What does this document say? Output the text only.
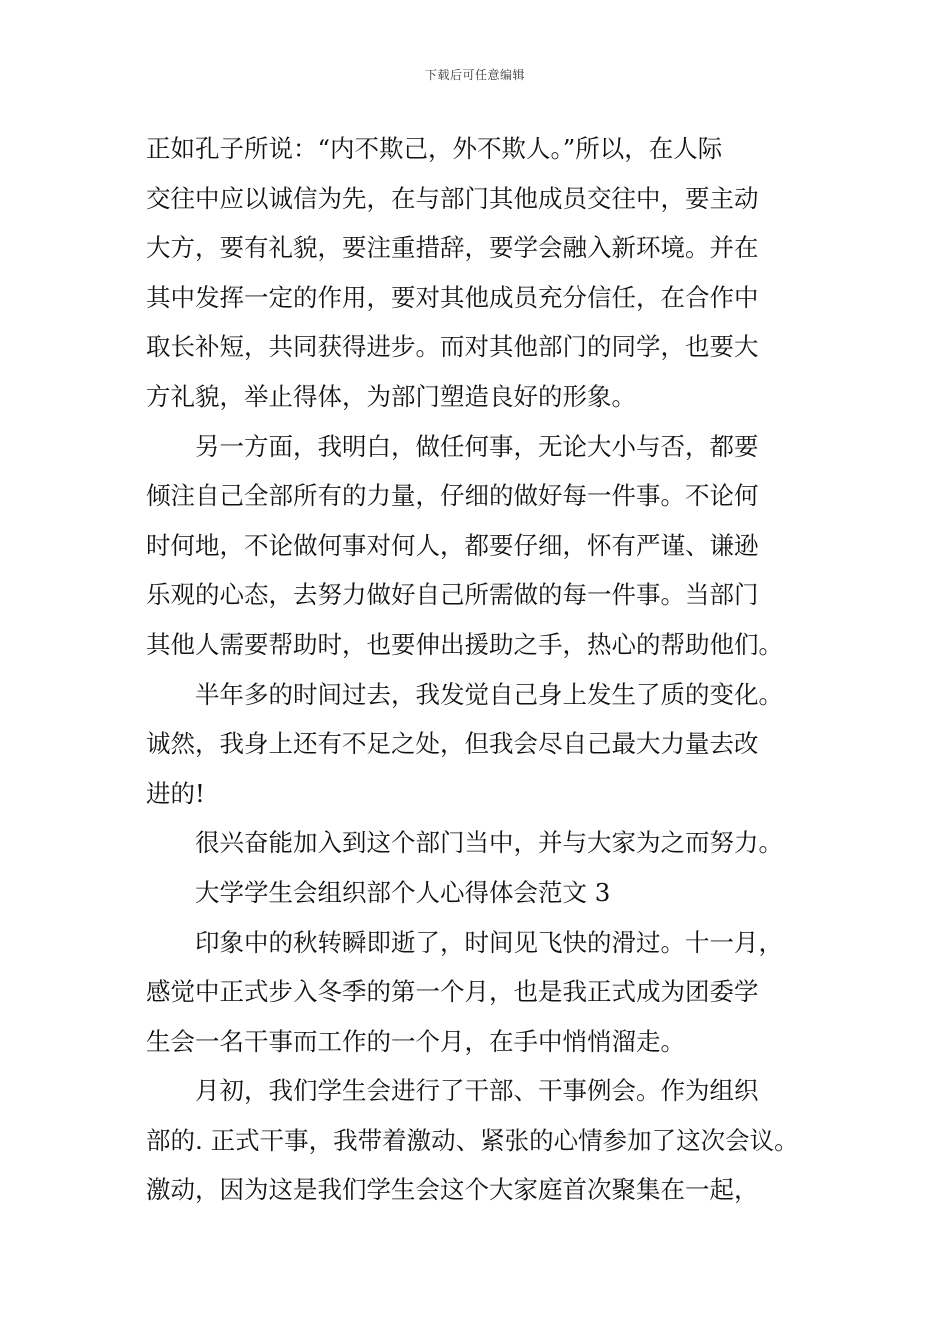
下载后可任意编辑
正如孔子所说：“内不欺己，外不欺人。”所以，在人际
交往中应以诚信为先，在与部门其他成员交往中，要主动
大方，要有礼貌，要注重措辞，要学会融入新环境。并在
其中发挥一定的作用，要对其他成员充分信任，在合作中
取长补短，共同获得进步。而对其他部门的同学，也要大
方礼貌，举止得体，为部门塑造良好的形象。
另一方面，我明白，做任何事，无论大小与否，都要
倾注自己全部所有的力量，仔细的做好每一件事。不论何
时何地，不论做何事对何人，都要仔细，怀有严谨、谦逊
乐观的心态，去努力做好自己所需做的每一件事。当部门
其他人需要帮助时，也要伸出援助之手，热心的帮助他们。
半年多的时间过去，我发觉自己身上发生了质的变化。
诚然，我身上还有不足之处，但我会尽自己最大力量去改
进的!
很兴奋能加入到这个部门当中，并与大家为之而努力。
大学学生会组织部个人心得体会范文 3
印象中的秋转瞬即逝了，时间见飞快的滑过。十一月，
感觉中正式步入冬季的第一个月，也是我正式成为团委学
生会一名干事而工作的一个月，在手中悄悄溜走。
月初，我们学生会进行了干部、干事例会。作为组织
部的. 正式干事，我带着激动、紧张的心情参加了这次会议。
激动，因为这是我们学生会这个大家庭首次聚集在一起，
